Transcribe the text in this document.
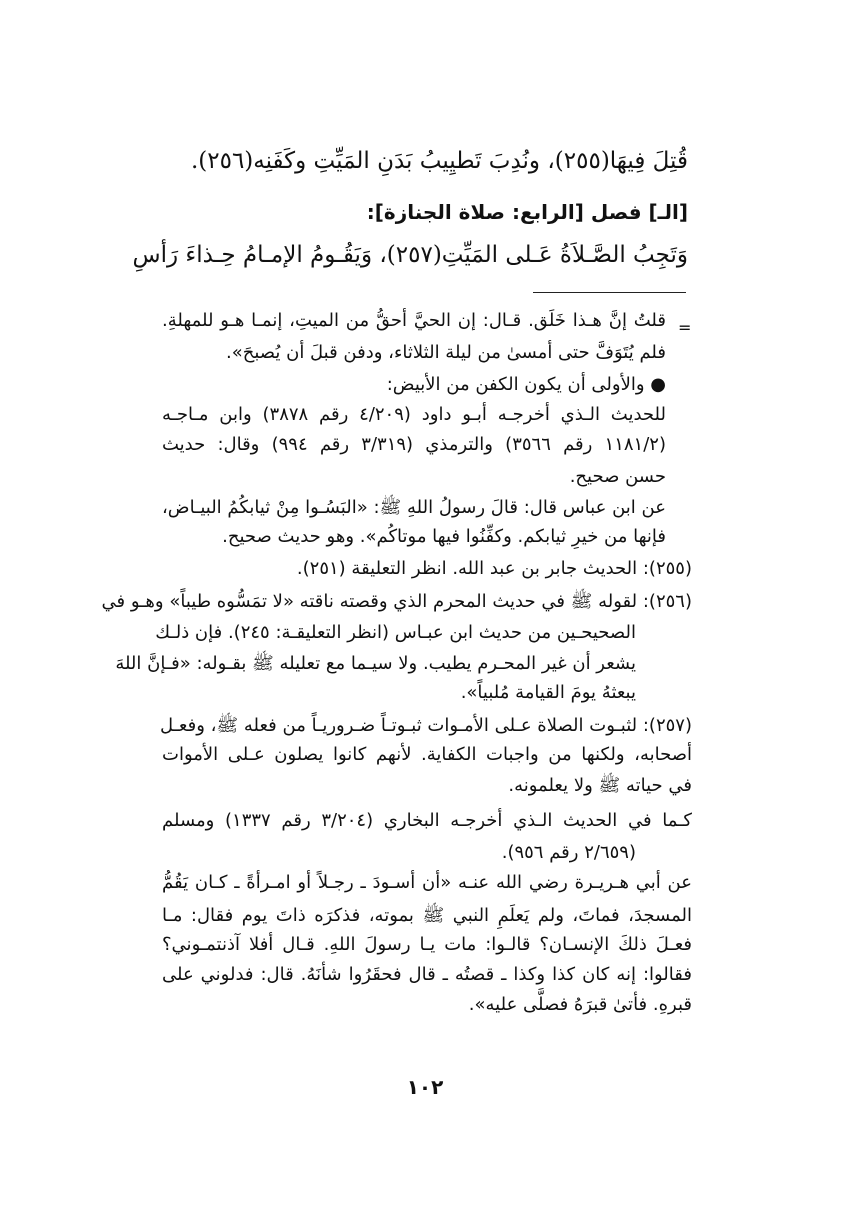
قُتِلَ فِيهَا(٢٥٥)، ونُدِبَ تَطيِيبُ بَدَنِ المَيِّتِ وكَفَنِه(٢٥٦).
[الـ] فصل [الرابع: صلاة الجنازة]:
وَتَجِبُ الصَّـلاَةُ عَـلى المَيِّتِ(٢٥٧)، وَيَقُـومُ الإمـامُ حِـذاءَ رَأسِ
=
قلتُ إنَّ هـذا خَلَق. قـال: إن الحيَّ أحقُّ من الميتِ، إنمـا هـو للمهلةِ.
فلم يُتَوَفَّ حتى أمسىٰ من ليلة الثلاثاء، ودفن قبلَ أن يُصبحَ».
● والأولى أن يكون الكفن من الأبيض:
للحديث الـذي أخرجـه أبـو داود (٤/٢٠٩ رقم ٣٨٧٨) وابن مـاجـه
(١١٨١/٢ رقم ٣٥٦٦) والترمذي (٣/٣١٩ رقم ٩٩٤) وقال: حديث
حسن صحيح.
عن ابن عباس قال: قالَ رسولُ اللهِ ﷺ: «البَسُـوا مِنْ ثيابكُمُ البيـاض،
فإنها من خيرِ ثيابكم. وكفِّنُوا فيها موتاكُم». وهو حديث صحيح.
(٢٥٥): الحديث جابر بن عبد الله. انظر التعليقة (٢٥١).
(٢٥٦): لقوله ﷺ في حديث المحرم الذي وقصته ناقته «لا تمَسُّوه طيباً» وهـو في
الصحيحـين من حديث ابن عبـاس (انظر التعليقـة: ٢٤٥). فإن ذلـك
يشعر أن غير المحـرم يطيب. ولا سيـما مع تعليله ﷺ بقـوله: «فـإنَّ اللهَ
يبعثهُ يومَ القيامة مُلبياً».
(٢٥٧): لثبـوت الصلاة عـلى الأمـوات ثبـوتـاً ضـروريـاً من فعله ﷺ، وفعـل
أصحابه، ولكنها من واجبات الكفاية. لأنهم كانوا يصلون عـلى الأموات
في حياته ﷺ ولا يعلمونه.
كـما في الحديث الـذي أخرجـه البخاري (٣/٢٠٤ رقم ١٣٣٧) ومسلم
(٢/٦٥٩ رقم ٩٥٦).
عن أبي هـريـرة رضي الله عنـه «أن أسـودَ ـ رجـلاً أو امـرأةً ـ كـان يَقُمُّ
المسجدَ، فماتَ، ولم يَعلَمِ النبي ﷺ بموته، فذكرَه ذاتَ يوم فقال: مـا
فعـلَ ذلكَ الإنسـان؟ قالـوا: مات يـا رسولَ اللهِ. قـال أفلا آذنتمـوني؟
فقالوا: إنه كان كذا وكذا ـ قصتُه ـ قال فحقَرُوا شأنَهُ. قال: فدلوني على
قبرهِ. فأتىٰ قبرَهُ فصلَّى عليه».
١٠٢
